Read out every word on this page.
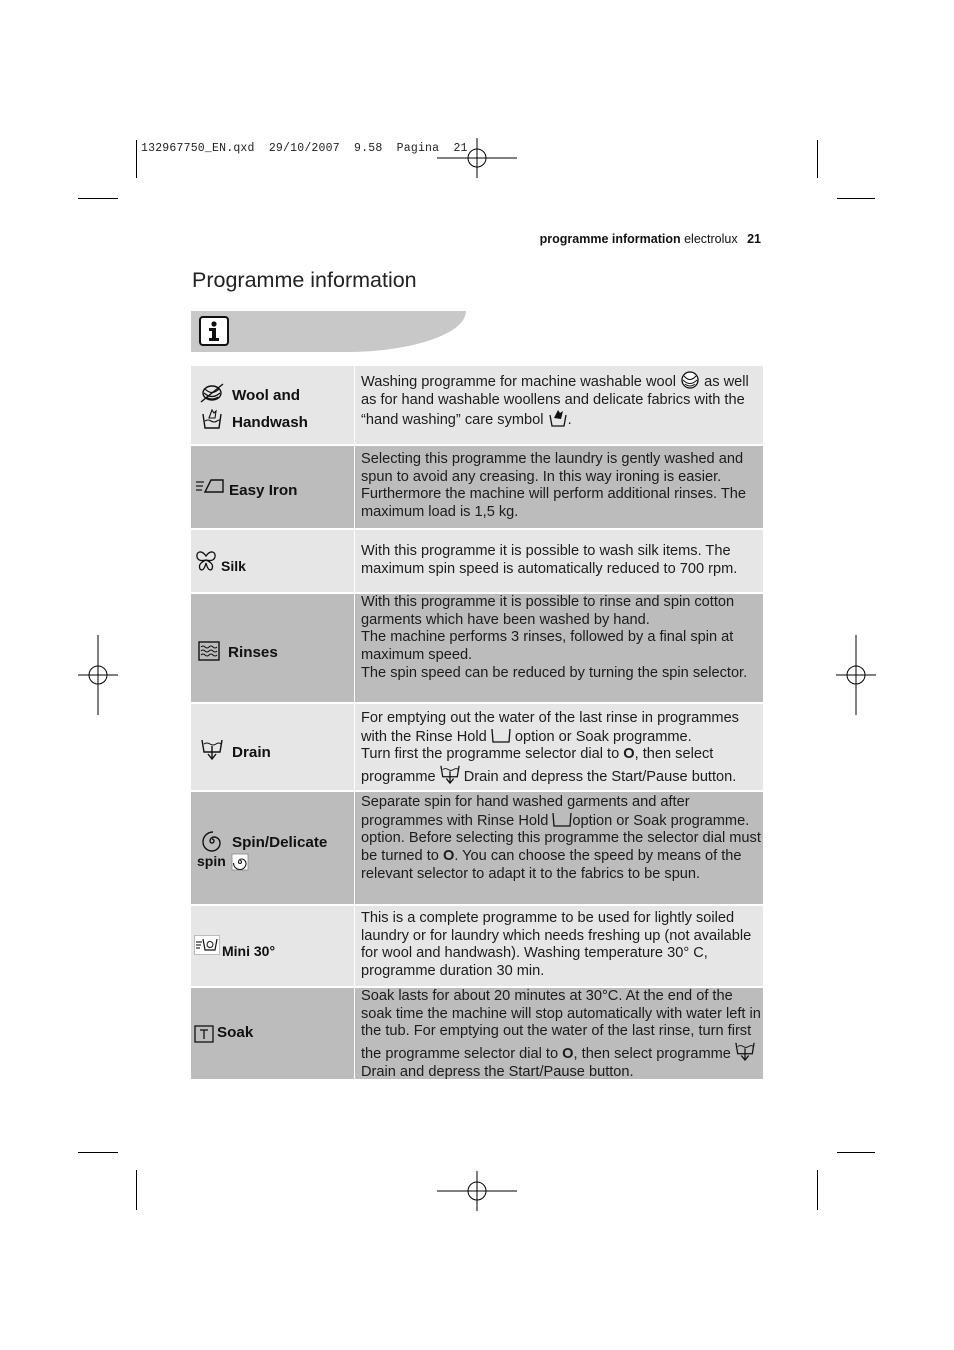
132967750_EN.qxd  29/10/2007  9.58  Pagina  21
programme information electrolux 21
Programme information
Wool and
Handwash

Washing programme for machine washable wool  as well as for hand washable woollens and delicate fabrics with the “hand washing” care symbol .

Easy Iron
Selecting this programme the laundry is gently washed and spun to avoid any creasing. In this way ironing is easier. Furthermore the machine will perform additional rinses. The maximum load is 1,5 kg.
Silk
With this programme it is possible to wash silk items. The maximum spin speed is automatically reduced to 700 rpm.
Rinses

With this programme it is possible to rinse and spin cotton garments which have been washed by hand.

The machine performs 3 rinses, followed by a final spin at maximum speed.

The spin speed can be reduced by turning the spin selector.

Drain

For emptying out the water of the last rinse in programmes with the Rinse Hold  option or Soak programme.

Turn first the programme selector dial to O, then select programme  Drain and depress the Start/Pause button.

Spin/Delicate
spin

Separate spin for hand washed garments and after programmes with Rinse Hold option or Soak programme. option. Before selecting this programme the selector dial must be turned to O. You can choose the speed by means of the relevant selector to adapt it to the fabrics to be spun.

Mini 30°
This is a complete programme to be used for lightly soiled laundry or for laundry which needs freshing up (not available for wool and handwash). Washing temperature 30° C, programme duration 30 min.
Soak

Soak lasts for about 20 minutes at 30°C. At the end of the soak time the machine will stop automatically with water left in the tub. For emptying out the water of the last rinse, turn first the programme selector dial to O, then select programme  Drain and depress the Start/Pause button.
